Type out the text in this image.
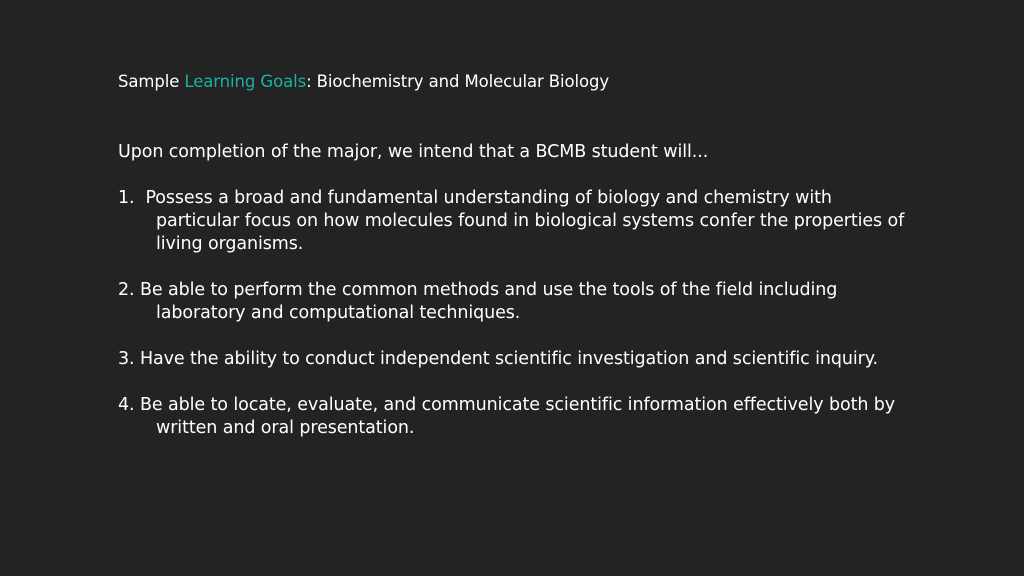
Sample Learning Goals: Biochemistry and Molecular Biology

Upon completion of the major, we intend that a BCMB student will...

1.  Possess a broad and fundamental understanding of biology and chemistry with particular focus on how molecules found in biological systems confer the properties of living organisms.

2. Be able to perform the common methods and use the tools of the field including laboratory and computational techniques.

3. Have the ability to conduct independent scientific investigation and scientific inquiry.

4. Be able to locate, evaluate, and communicate scientific information effectively both by written and oral presentation.
